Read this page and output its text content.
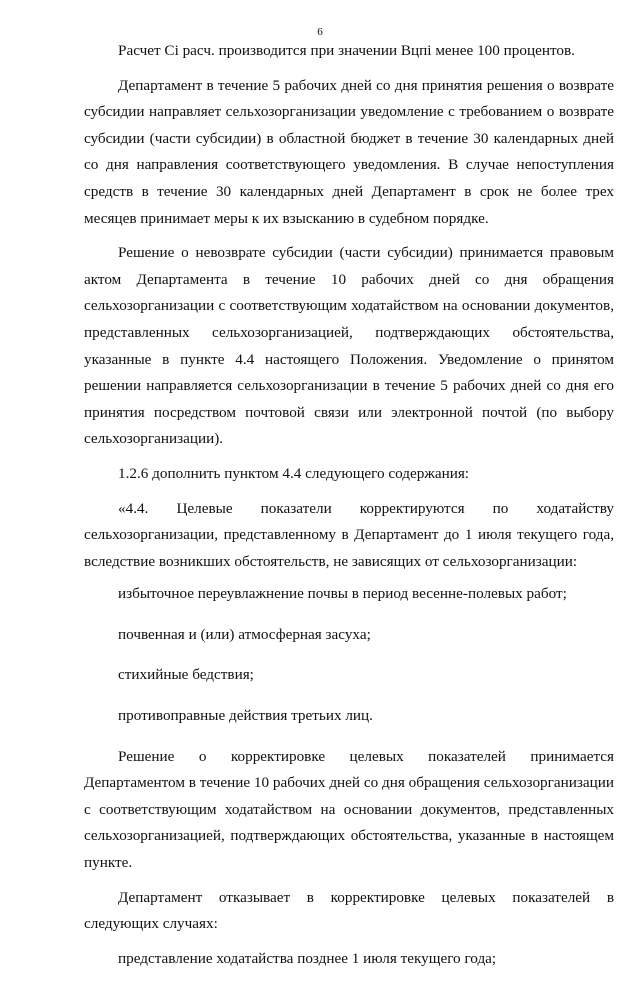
6

Расчет Ci расч. производится при значении Bцпi менее 100 процентов.

Департамент в течение 5 рабочих дней со дня принятия решения о возврате субсидии направляет сельхозорганизации уведомление с требованием о возврате субсидии (части субсидии) в областной бюджет в течение 30 календарных дней со дня направления соответствующего уведомления. В случае непоступления средств в течение 30 календарных дней Департамент в срок не более трех месяцев принимает меры к их взысканию в судебном порядке.

Решение о невозврате субсидии (части субсидии) принимается правовым актом Департамента в течение 10 рабочих дней со дня обращения сельхозорганизации с соответствующим ходатайством на основании документов, представленных сельхозорганизацией, подтверждающих обстоятельства, указанные в пункте 4.4 настоящего Положения. Уведомление о принятом решении направляется сельхозорганизации в течение 5 рабочих дней со дня его принятия посредством почтовой связи или электронной почтой (по выбору сельхозорганизации).

1.2.6 дополнить пунктом 4.4 следующего содержания:

«4.4. Целевые показатели корректируются по ходатайству сельхозорганизации, представленному в Департамент до 1 июля текущего года, вследствие возникших обстоятельств, не зависящих от сельхозорганизации:

избыточное переувлажнение почвы в период весенне-полевых работ;

почвенная и (или) атмосферная засуха;

стихийные бедствия;

противоправные действия третьих лиц.

Решение о корректировке целевых показателей принимается Департаментом в течение 10 рабочих дней со дня обращения сельхозорганизации с соответствующим ходатайством на основании документов, представленных сельхозорганизацией, подтверждающих обстоятельства, указанные в настоящем пункте.

Департамент отказывает в корректировке целевых показателей в следующих случаях:

представление ходатайства позднее 1 июля текущего года;
